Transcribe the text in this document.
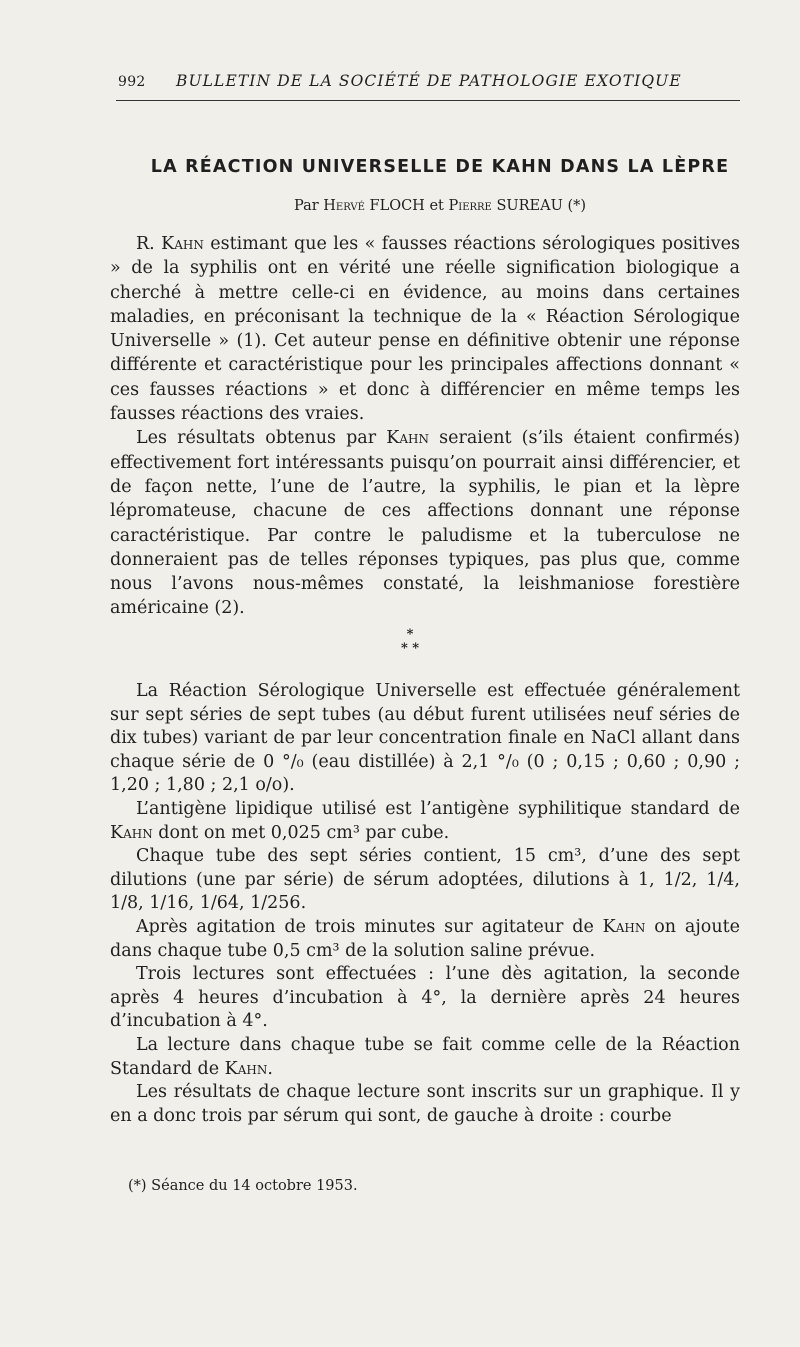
992 BULLETIN DE LA SOCIÉTÉ DE PATHOLOGIE EXOTIQUE
LA RÉACTION UNIVERSELLE DE KAHN DANS LA LÈPRE
Par Hervé FLOCH et Pierre SUREAU (*)

R. Kahn estimant que les « fausses réactions sérologiques positives » de la syphilis ont en vérité une réelle signification biologique a cherché à mettre celle-ci en évidence, au moins dans certaines maladies, en préconisant la technique de la « Réaction Sérologique Universelle » (1). Cet auteur pense en définitive obtenir une réponse différente et caractéristique pour les principales affections donnant « ces fausses réactions » et donc à différencier en même temps les fausses réactions des vraies.

Les résultats obtenus par Kahn seraient (s’ils étaient confirmés) effectivement fort intéressants puisqu’on pourrait ainsi différencier, et de façon nette, l’une de l’autre, la syphilis, le pian et la lèpre lépromateuse, chacune de ces affections donnant une réponse caractéristique. Par contre le paludisme et la tuberculose ne donneraient pas de telles réponses typiques, pas plus que, comme nous l’avons nous-mêmes constaté, la leishmaniose forestière américaine (2).

*
* *

La Réaction Sérologique Universelle est effectuée généralement sur sept séries de sept tubes (au début furent utilisées neuf séries de dix tubes) variant de par leur concentration finale en NaCl allant dans chaque série de 0 °/₀ (eau distillée) à 2,1 °/₀ (0 ; 0,15 ; 0,60 ; 0,90 ; 1,20 ; 1,80 ; 2,1 o/o).

L’antigène lipidique utilisé est l’antigène syphilitique standard de Kahn dont on met 0,025 cm³ par cube.

Chaque tube des sept séries contient, 15 cm³, d’une des sept dilutions (une par série) de sérum adoptées, dilutions à 1, 1/2, 1/4, 1/8, 1/16, 1/64, 1/256.

Après agitation de trois minutes sur agitateur de Kahn on ajoute dans chaque tube 0,5 cm³ de la solution saline prévue.

Trois lectures sont effectuées : l’une dès agitation, la seconde après 4 heures d’incubation à 4°, la dernière après 24 heures d’incubation à 4°.

La lecture dans chaque tube se fait comme celle de la Réaction Standard de Kahn.

Les résultats de chaque lecture sont inscrits sur un graphique. Il y en a donc trois par sérum qui sont, de gauche à droite : courbe

(*) Séance du 14 octobre 1953.
